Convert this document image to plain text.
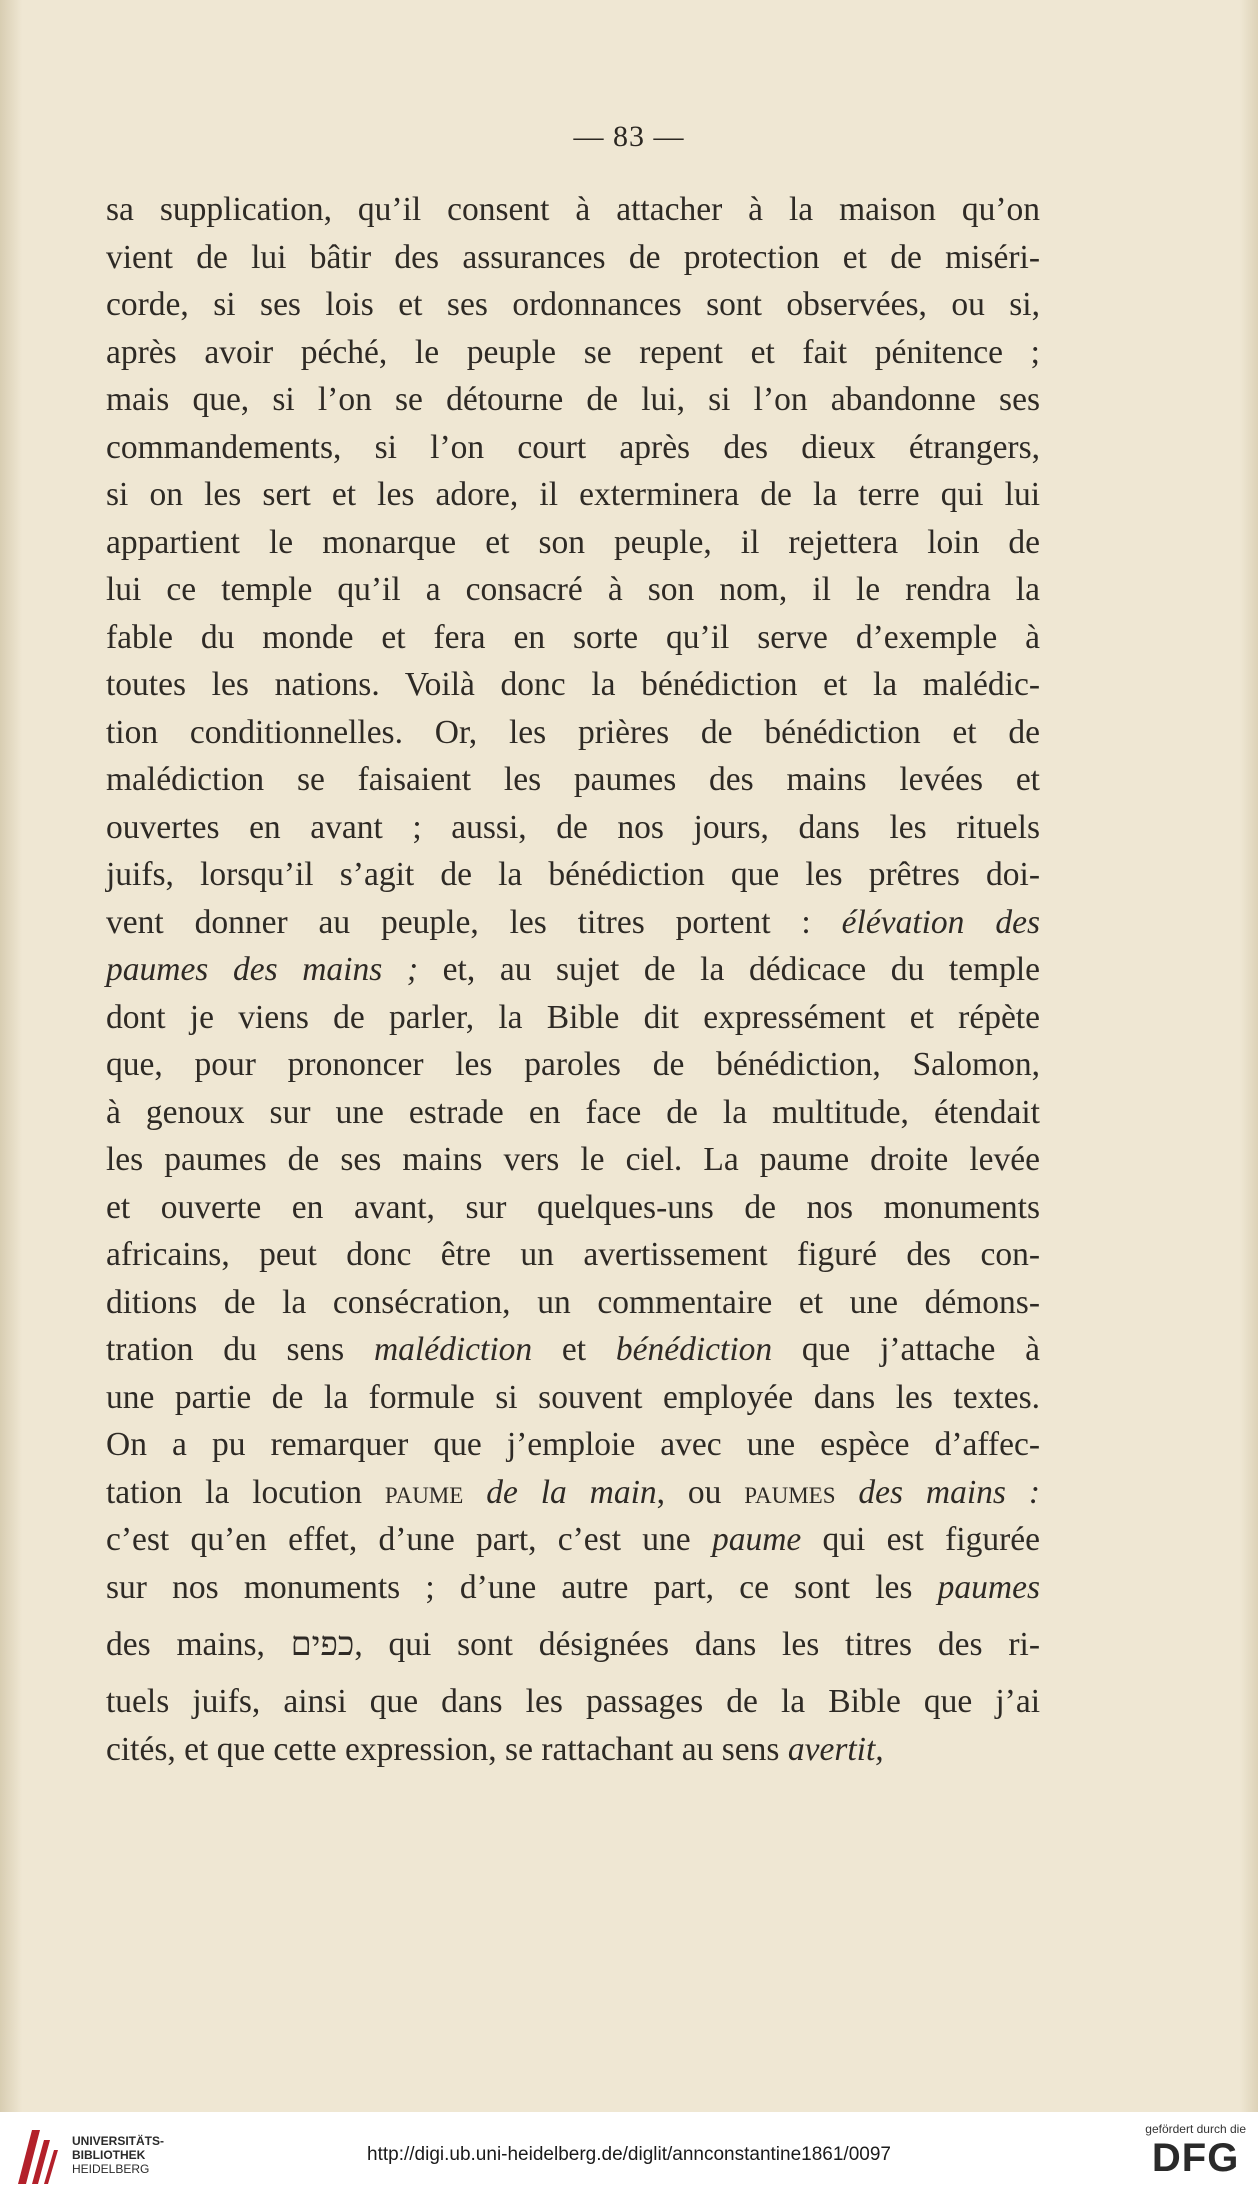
— 83 —
sa supplication, qu’il consent à attacher à la maison qu’on
vient de lui bâtir des assurances de protection et de miséri-
corde, si ses lois et ses ordonnances sont observées, ou si,
après avoir péché, le peuple se repent et fait pénitence ;
mais que, si l’on se détourne de lui, si l’on abandonne ses
commandements, si l’on court après des dieux étrangers,
si on les sert et les adore, il exterminera de la terre qui lui
appartient le monarque et son peuple, il rejettera loin de
lui ce temple qu’il a consacré à son nom, il le rendra la
fable du monde et fera en sorte qu’il serve d’exemple à
toutes les nations. Voilà donc la bénédiction et la malédic-
tion conditionnelles. Or, les prières de bénédiction et de
malédiction se faisaient les paumes des mains levées et
ouvertes en avant ; aussi, de nos jours, dans les rituels
juifs, lorsqu’il s’agit de la bénédiction que les prêtres doi-
vent donner au peuple, les titres portent : élévation des
paumes des mains ; et, au sujet de la dédicace du temple
dont je viens de parler, la Bible dit expressément et répète
que, pour prononcer les paroles de bénédiction, Salomon,
à genoux sur une estrade en face de la multitude, étendait
les paumes de ses mains vers le ciel. La paume droite levée
et ouverte en avant, sur quelques-uns de nos monuments
africains, peut donc être un avertissement figuré des con-
ditions de la consécration, un commentaire et une démons-
tration du sens malédiction et bénédiction que j’attache à
une partie de la formule si souvent employée dans les textes.
On a pu remarquer que j’emploie avec une espèce d’affec-
tation la locution paume de la main, ou paumes des mains :
c’est qu’en effet, d’une part, c’est une paume qui est figurée
sur nos monuments ; d’une autre part, ce sont les paumes
des mains, כפים, qui sont désignées dans les titres des ri-
tuels juifs, ainsi que dans les passages de la Bible que j’ai
cités, et que cette expression, se rattachant au sens avertit,
UNIVERSITÄTS-
BIBLIOTHEK
HEIDELBERG
http://digi.ub.uni-heidelberg.de/diglit/annconstantine1861/0097
gefördert durch die
DFG
